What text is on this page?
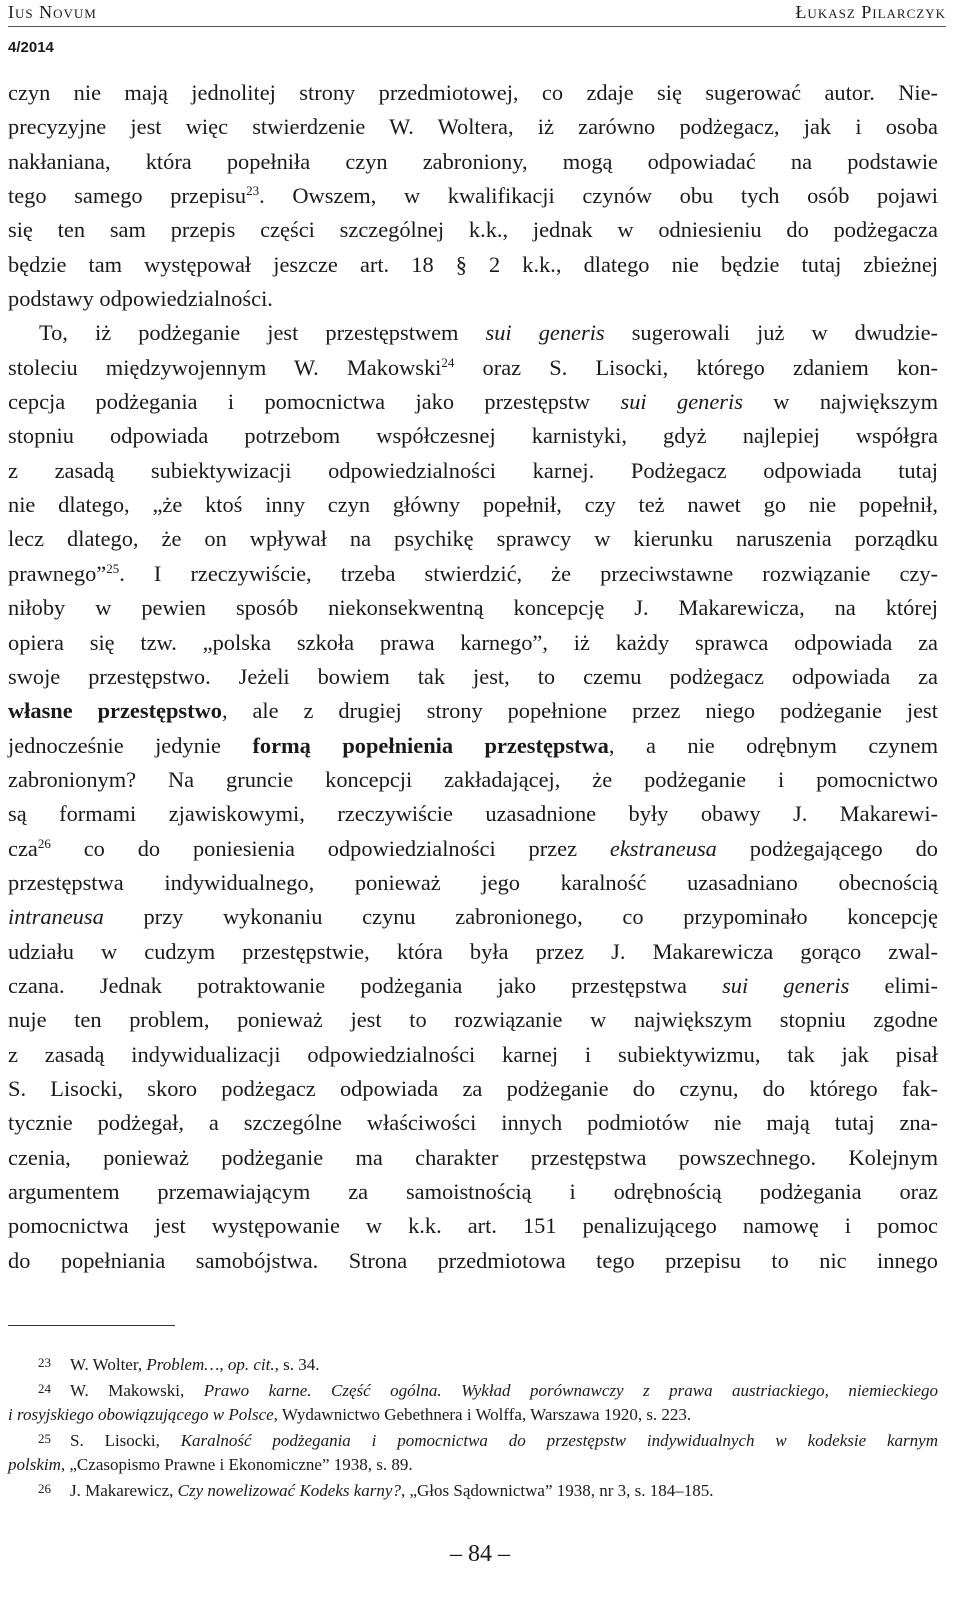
Ius Novum	Łukasz Pilarczyk
4/2014

czyn nie mają jednolitej strony przedmiotowej, co zdaje się sugerować autor. Nie-

precyzyjne jest więc stwierdzenie W. Woltera, iż zarówno podżegacz, jak i osoba

nakłaniana, która popełniła czyn zabroniony, mogą odpowiadać na podstawie

tego samego przepisu$^{23}$. Owszem, w kwalifikacji czynów obu tych osób pojawi

się ten sam przepis części szczególnej k.k., jednak w odniesieniu do podżegacza

będzie tam występował jeszcze art. 18 § 2 k.k., dlatego nie będzie tutaj zbieżnej

podstawy odpowiedzialności.

To, iż podżeganie jest przestępstwem sui generis sugerowali już w dwudzie-

stoleciu międzywojennym W. Makowski$^{24}$ oraz S. Lisocki, którego zdaniem kon-

cepcja podżegania i pomocnictwa jako przestępstw sui generis w największym

stopniu odpowiada potrzebom współczesnej karnistyki, gdyż najlepiej współgra

z zasadą subiektywizacji odpowiedzialności karnej. Podżegacz odpowiada tutaj

nie dlatego, „że ktoś inny czyn główny popełnił, czy też nawet go nie popełnił,

lecz dlatego, że on wpływał na psychikę sprawcy w kierunku naruszenia porządku

prawnego”$^{25}$. I rzeczywiście, trzeba stwierdzić, że przeciwstawne rozwiązanie czy-

niłoby w pewien sposób niekonsekwentną koncepcję J. Makarewicza, na której

opiera się tzw. „polska szkoła prawa karnego”, iż każdy sprawca odpowiada za

swoje przestępstwo. Jeżeli bowiem tak jest, to czemu podżegacz odpowiada za

własne przestępstwo, ale z drugiej strony popełnione przez niego podżeganie jest

jednocześnie jedynie formą popełnienia przestępstwa, a nie odrębnym czynem

zabronionym? Na gruncie koncepcji zakładającej, że podżeganie i pomocnictwo

są formami zjawiskowymi, rzeczywiście uzasadnione były obawy J. Makarewi-

cza$^{26}$ co do poniesienia odpowiedzialności przez ekstraneusa podżegającego do

przestępstwa indywidualnego, ponieważ jego karalność uzasadniano obecnością

intraneusa przy wykonaniu czynu zabronionego, co przypominało koncepcję

udziału w cudzym przestępstwie, która była przez J. Makarewicza gorąco zwal-

czana. Jednak potraktowanie podżegania jako przestępstwa sui generis elimi-

nuje ten problem, ponieważ jest to rozwiązanie w największym stopniu zgodne

z zasadą indywidualizacji odpowiedzialności karnej i subiektywizmu, tak jak pisał

S. Lisocki, skoro podżegacz odpowiada za podżeganie do czynu, do którego fak-

tycznie podżegał, a szczególne właściwości innych podmiotów nie mają tutaj zna-

czenia, ponieważ podżeganie ma charakter przestępstwa powszechnego. Kolejnym

argumentem przemawiającym za samoistnością i odrębnością podżegania oraz

pomocnictwa jest występowanie w k.k. art. 151 penalizującego namowę i pomoc

do popełniania samobójstwa. Strona przedmiotowa tego przepisu to nic innego

23 W. Wolter, Problem…, op. cit., s. 34.

24 W. Makowski, Prawo karne. Część ogólna. Wykład porównawczy z prawa austriackiego, niemieckiego

i rosyjskiego obowiązującego w Polsce, Wydawnictwo Gebethnera i Wolffa, Warszawa 1920, s. 223.

25 S. Lisocki, Karalność podżegania i pomocnictwa do przestępstw indywidualnych w kodeksie karnym

polskim, „Czasopismo Prawne i Ekonomiczne” 1938, s. 89.

26 J. Makarewicz, Czy nowelizować Kodeks karny?, „Głos Sądownictwa” 1938, nr 3, s. 184–185.

– 84 –
